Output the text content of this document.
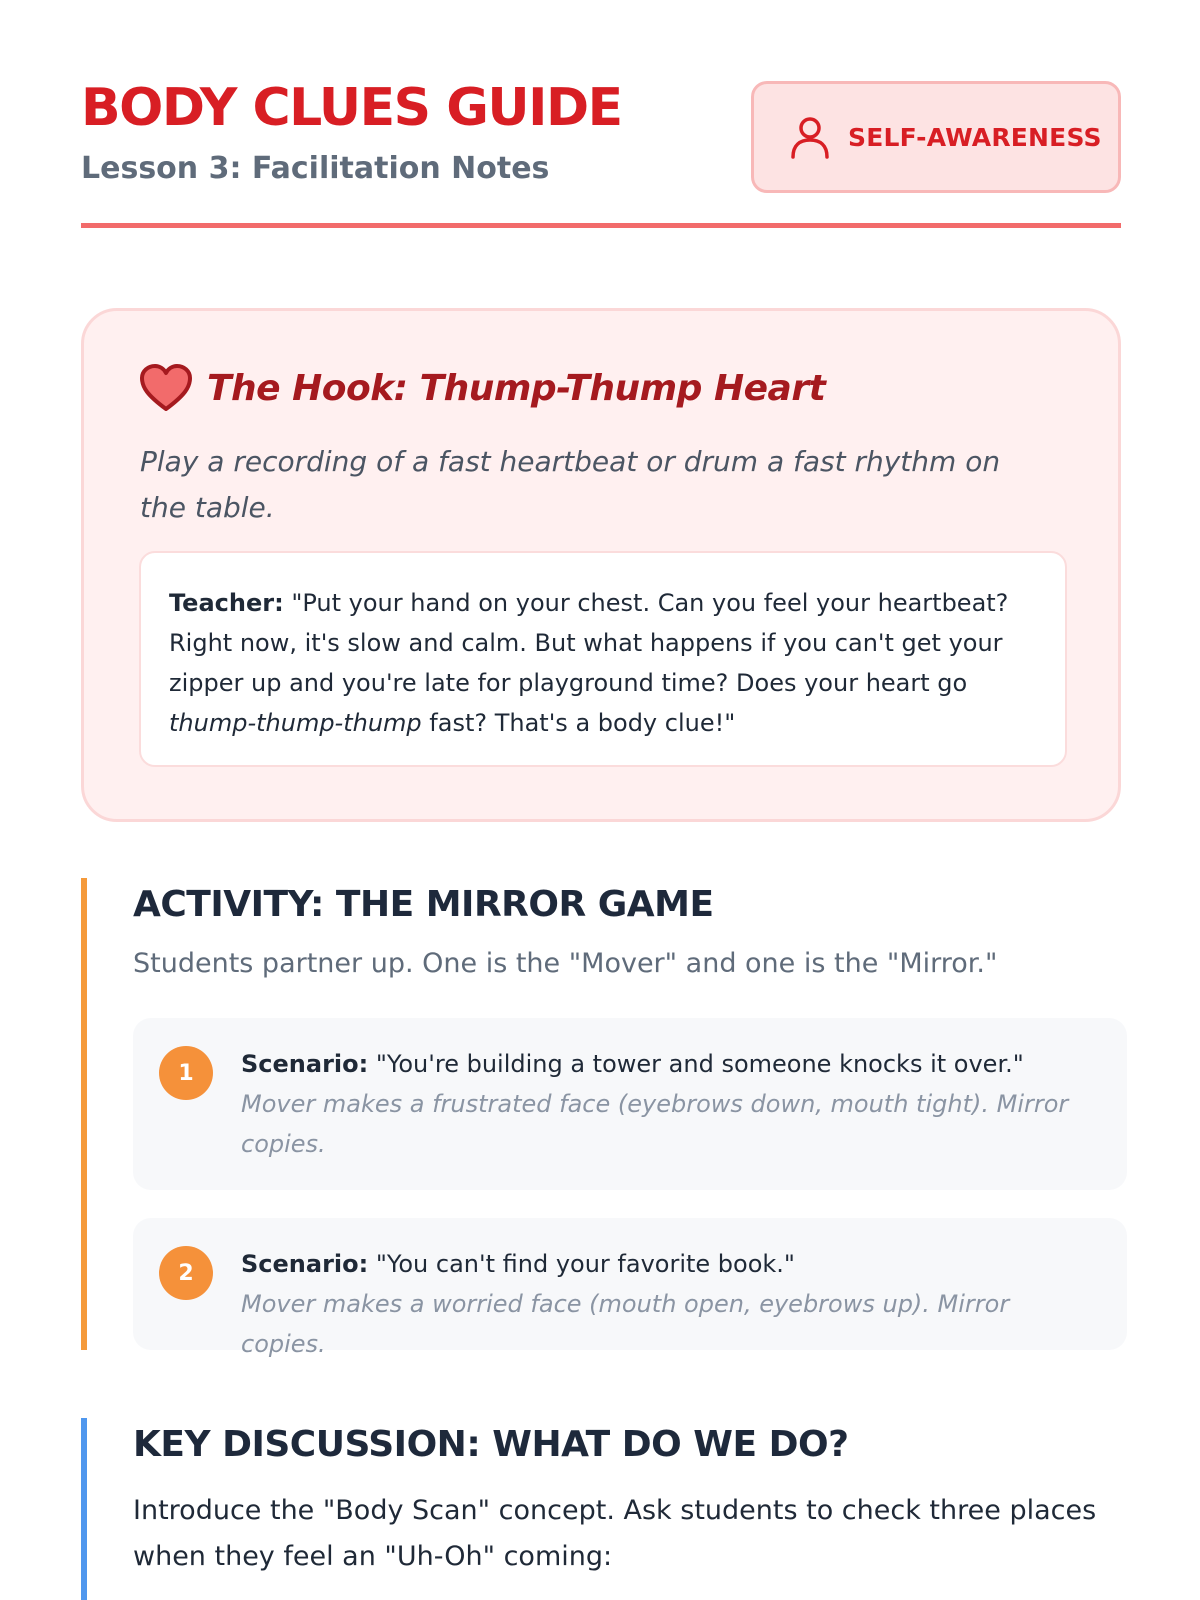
BODY CLUES GUIDE
Lesson 3: Facilitation Notes
SELF-AWARENESS
The Hook: Thump-Thump Heart
Play a recording of a fast heartbeat or drum a fast rhythm on the table.
Teacher: "Put your hand on your chest. Can you feel your heartbeat? Right now, it's slow and calm. But what happens if you can't get your zipper up and you're late for playground time? Does your heart go thump-thump-thump fast? That's a body clue!"
ACTIVITY: THE MIRROR GAME
Students partner up. One is the "Mover" and one is the "Mirror."
1	Scenario: "You're building a tower and someone knocks it over."
Mover makes a frustrated face (eyebrows down, mouth tight). Mirror copies.
2	Scenario: "You can't find your favorite book."
Mover makes a worried face (mouth open, eyebrows up). Mirror copies.
KEY DISCUSSION: WHAT DO WE DO?
Introduce the "Body Scan" concept. Ask students to check three places when they feel an "Uh-Oh" coming:
